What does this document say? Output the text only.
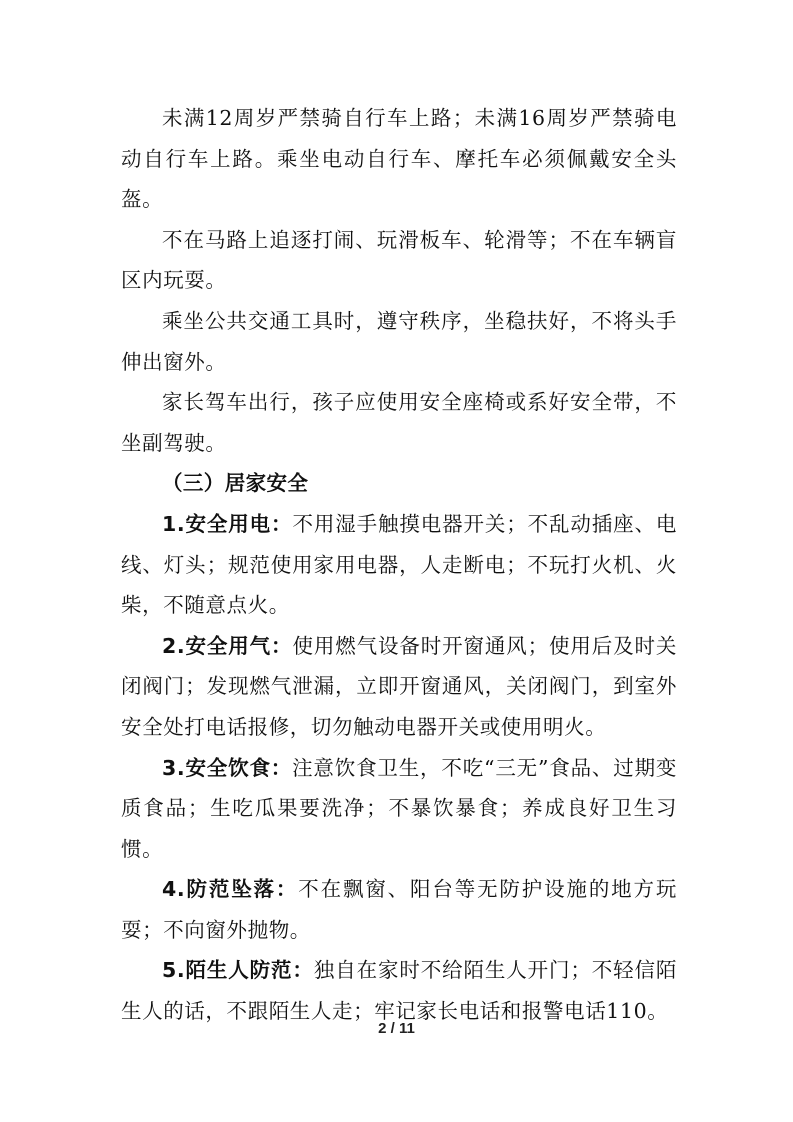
未满12周岁严禁骑自行车上路；未满16周岁严禁骑电动自行车上路。乘坐电动自行车、摩托车必须佩戴安全头盔。

不在马路上追逐打闹、玩滑板车、轮滑等；不在车辆盲区内玩耍。

乘坐公共交通工具时，遵守秩序，坐稳扶好，不将头手伸出窗外。

家长驾车出行，孩子应使用安全座椅或系好安全带，不坐副驾驶。

（三）居家安全

1.安全用电：不用湿手触摸电器开关；不乱动插座、电线、灯头；规范使用家用电器，人走断电；不玩打火机、火柴，不随意点火。

2.安全用气：使用燃气设备时开窗通风；使用后及时关闭阀门；发现燃气泄漏，立即开窗通风，关闭阀门，到室外安全处打电话报修，切勿触动电器开关或使用明火。

3.安全饮食：注意饮食卫生，不吃“三无”食品、过期变质食品；生吃瓜果要洗净；不暴饮暴食；养成良好卫生习惯。

4.防范坠落：不在飘窗、阳台等无防护设施的地方玩耍；不向窗外抛物。

5.陌生人防范：独自在家时不给陌生人开门；不轻信陌生人的话，不跟陌生人走；牢记家长电话和报警电话110。

2 / 11
